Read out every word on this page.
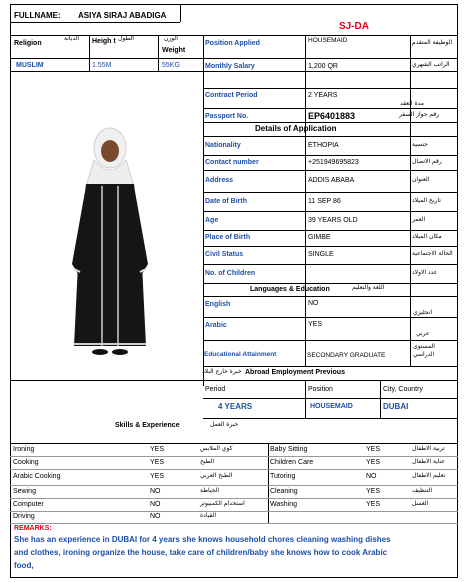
FULLNAME: ASIYA SIRAJ ABADIGA
SJ-DA
Religion
الديانة Heigh t الطول	الوزن
Weight
MUSLIM	1.55M	55KG
Position Applied	HOUSEMAID	الوظيفة المتقدم
Monthly Salary	1,200 QR	الراتب الشهري
Contract Period	2 YEARS
مدة العقد
Passport No.	EP6401883	رقم جواز السفر
Details of Application
Languages & Education	اللغة والتعليم
English	NO
انجليزي
Arabic	YES
عربي
Educational Attainment	SECONDARY GRADUATE
المستوى الدراسي
Abroad Employment Previous
خبرة خارج البلاد
Period	Position	City, Country
4 YEARS	HOUSEMAID	DUBAI
Skills & Experience	خبرة العمل
REMARKS:
She has an experience in DUBAI for 4 years she knows household chores cleaning washing dishes
and clothes, ironing organize the house, take care of children/baby she knows how to cook Arabic
food,
Nationality	ETHOPIA	جنسية
Contact number	+251949695823	رقم الاتصال
Address	ADDIS ABABA	العنوان
Date of Birth	11 SEP 86	تاريخ الميلاد
Age	39 YEARS OLD	العمر
Place of Birth	GIMBE	مكان الميلاد
Civil Status	SINGLE	الحالة الاجتماعية
No. of Children	عدد الاولاد
Ironing	YES	كوي الملابس	Baby Sitting	YES	تربية الاطفال
Cooking	YES	الطبخ	Children Care	YES	عناية الاطفال
Arabic Cooking	YES	الطبخ العربي	Tutoring	NO	تعليم الاطفال
Sewing	NO	الخياطة	Cleaning	YES	التنظيف
Computer	NO	استخدام الكمبيوتر	Washing	YES	الغسل
Driving	NO	القيادة
